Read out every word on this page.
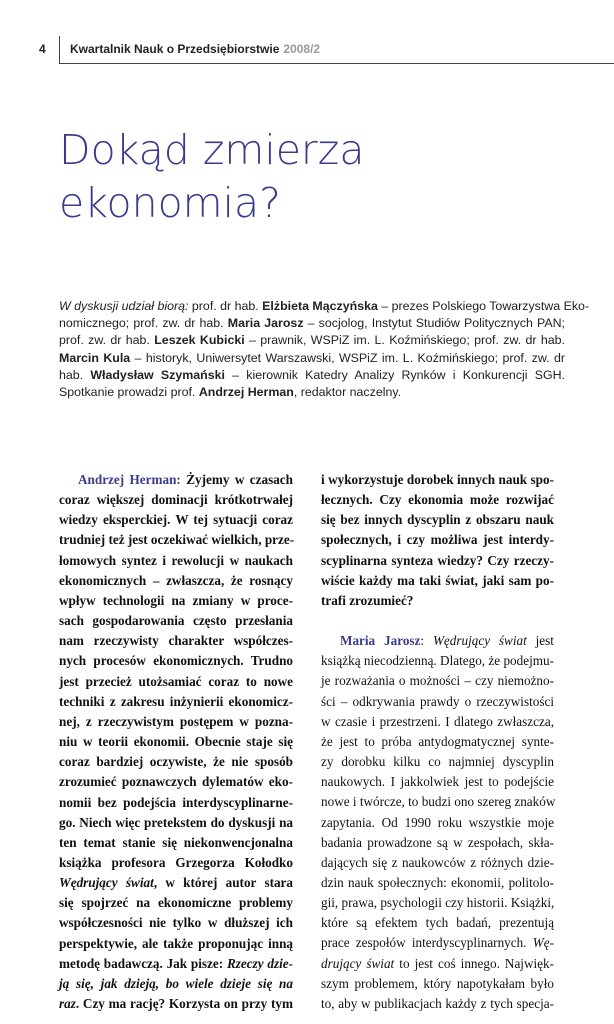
4 Kwartalnik Nauk o Przedsiębiorstwie 2008/2
Dokąd zmierza
ekonomia?
W dyskusji udział biorą: prof. dr hab. Elżbieta Mączyńska – prezes Polskiego Towarzystwa Eko-
nomicznego; prof. zw. dr hab. Maria Jarosz – socjolog, Instytut Studiów Politycznych PAN;
prof. zw. dr hab. Leszek Kubicki – prawnik, WSPiZ im. L. Koźmińskiego; prof. zw. dr hab.
Marcin Kula – historyk, Uniwersytet Warszawski, WSPiZ im. L. Koźmińskiego; prof. zw. dr
hab. Władysław Szymański – kierownik Katedry Analizy Rynków i Konkurencji SGH.
Spotkanie prowadzi prof. Andrzej Herman, redaktor naczelny.
Andrzej Herman: Żyjemy w czasach
coraz większej dominacji krótkotrwałej
wiedzy eksperckiej. W tej sytuacji coraz
trudniej też jest oczekiwać wielkich, prze-
łomowych syntez i rewolucji w naukach
ekonomicznych – zwłaszcza, że rosnący
wpływ technologii na zmiany w proce-
sach gospodarowania często przesłania
nam rzeczywisty charakter współczes-
nych procesów ekonomicznych. Trudno
jest przecież utożsamiać coraz to nowe
techniki z zakresu inżynierii ekonomicz-
nej, z rzeczywistym postępem w pozna-
niu w teorii ekonomii. Obecnie staje się
coraz bardziej oczywiste, że nie sposób
zrozumieć poznawczych dylematów eko-
nomii bez podejścia interdyscyplinarne-
go. Niech więc pretekstem do dyskusji na
ten temat stanie się niekonwencjonalna
książka profesora Grzegorza Kołodko
Wędrujący świat, w której autor stara
się spojrzeć na ekonomiczne problemy
współczesności nie tylko w dłuższej ich
perspektywie, ale także proponując inną
metodę badawczą. Jak pisze: Rzeczy dzie-
ją się, jak dzieją, bo wiele dzieje się na
raz. Czy ma rację? Korzysta on przy tym
i wykorzystuje dorobek innych nauk spo-
łecznych. Czy ekonomia może rozwijać
się bez innych dyscyplin z obszaru nauk
społecznych, i czy możliwa jest interdy-
scyplinarna synteza wiedzy? Czy rzeczy-
wiście każdy ma taki świat, jaki sam po-
trafi zrozumieć?
Maria Jarosz: Wędrujący świat jest
książką niecodzienną. Dlatego, że podejmu-
je rozważania o możności – czy niemożno-
ści – odkrywania prawdy o rzeczywistości
w czasie i przestrzeni. I dlatego zwłaszcza,
że jest to próba antydogmatycznej synte-
zy dorobku kilku co najmniej dyscyplin
naukowych. I jakkolwiek jest to podejście
nowe i twórcze, to budzi ono szereg znaków
zapytania. Od 1990 roku wszystkie moje
badania prowadzone są w zespołach, skła-
dających się z naukowców z różnych dzie-
dzin nauk społecznych: ekonomii, politolo-
gii, prawa, psychologii czy historii. Książki,
które są efektem tych badań, prezentują
prace zespołów interdyscyplinarnych. Wę-
drujący świat to jest coś innego. Najwięk-
szym problemem, który napotykałam było
to, aby w publikacjach każdy z tych specja-
